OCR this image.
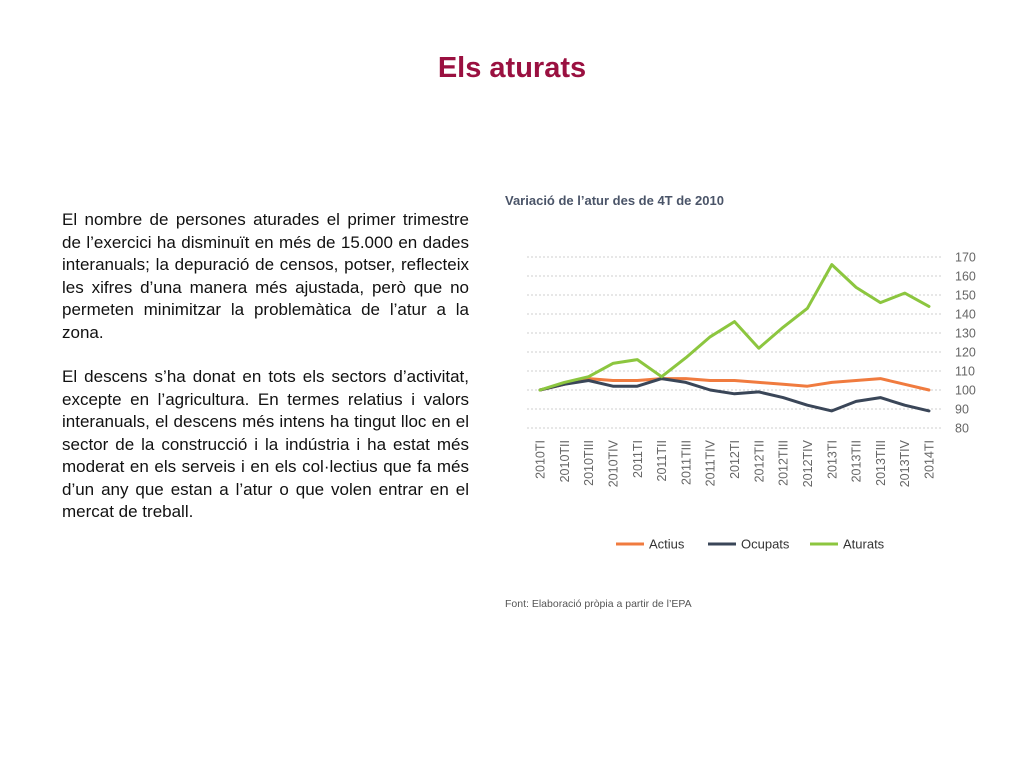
Els aturats

El nombre de persones aturades el primer trimestre de l’exercici ha disminuït en més de 15.000 en dades interanuals; la depuració de censos, potser, reflecteix les xifres d’una manera més ajustada, però que no permeten minimitzar la problemàtica de l’atur a la zona.

El descens s’ha donat en tots els sectors d’activitat, excepte en l’agricultura. En termes relatius i valors interanuals, el descens més intens ha tingut lloc en el sector de la construcció i la indústria i ha estat més moderat en els serveis i en els col·lectius que fa més d’un any que estan a l’atur o que volen entrar en el mercat de treball.

Variació de l’atur des de 4T de 2010
80
90
100
110
120
130
140
150
160
170
2010TI 2010TII 2010TIII 2010TIV 2011TI 2011TII 2011TIII 2011TIV 2012TI 2012TII 2012TIII 2012TIV 2013TI 2013TII 2013TIII 2013TIV 2014TI
Actius	Ocupats	Aturats
Font: Elaboració pròpia a partir de l’EPA
